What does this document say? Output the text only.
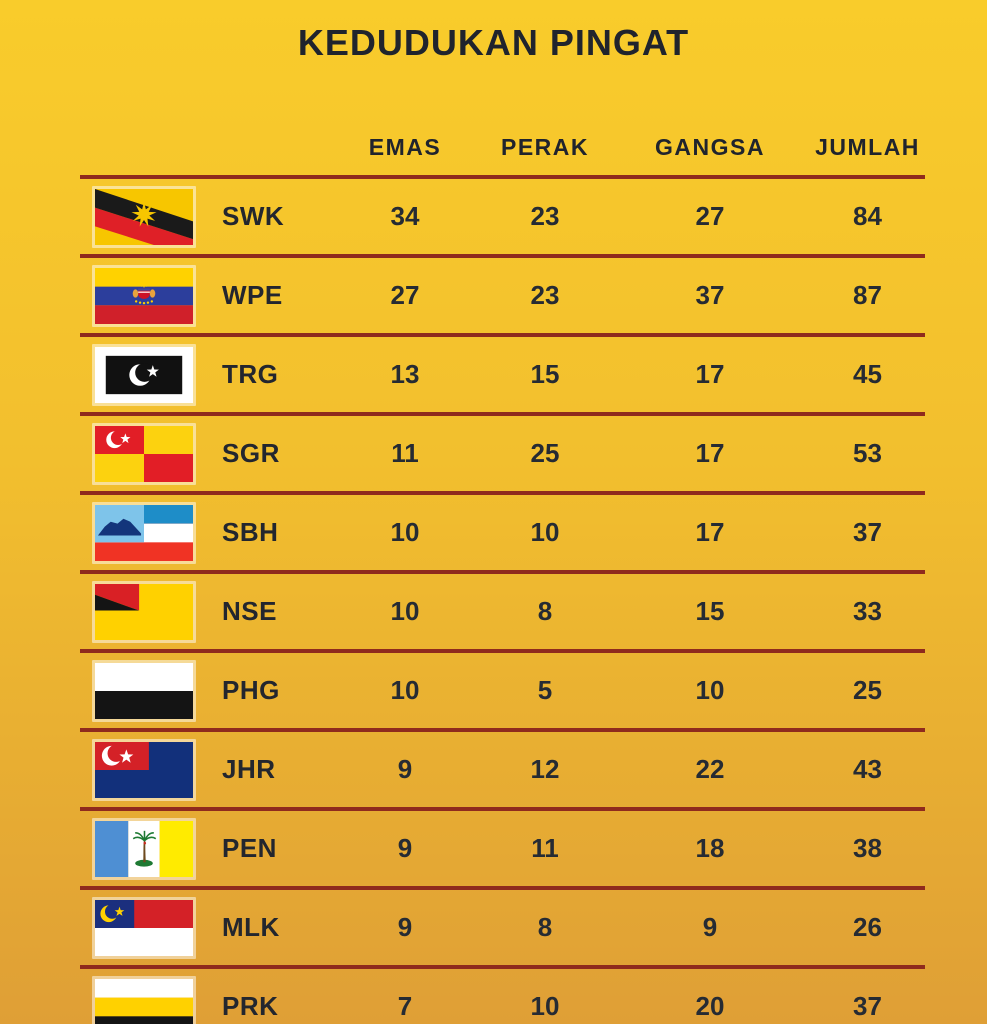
KEDUDUKAN PINGAT
EMAS	PERAK	GANGSA	JUMLAH
SWK	34	23	27	84
WPE	27	23	37	87
TRG	13	15	17	45
SGR	11	25	17	53
SBH	10	10	17	37
NSE	10	8	15	33
PHG	10	5	10	25
JHR	9	12	22	43
PEN	9	11	18	38
MLK	9	8	9	26
PRK	7	10	20	37
